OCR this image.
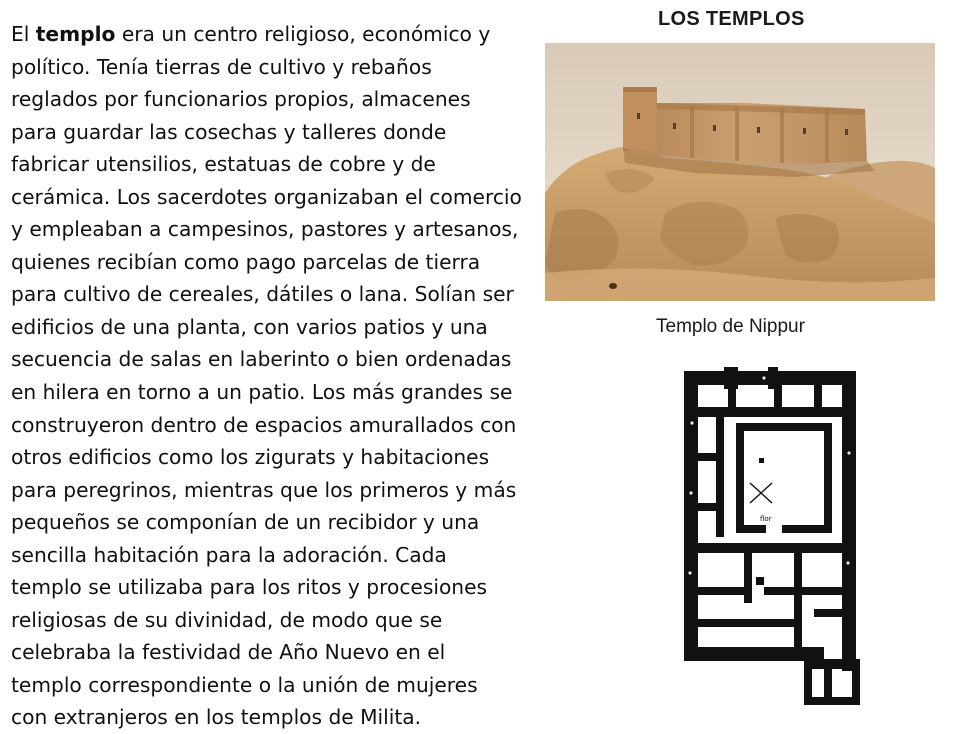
LOS TEMPLOS

El templo era un centro religioso, económico y
político. Tenía tierras de cultivo y rebaños
reglados por funcionarios propios, almacenes
para guardar las cosechas y talleres donde
fabricar utensilios, estatuas de cobre y de
cerámica. Los sacerdotes organizaban el comercio
y empleaban a campesinos, pastores y artesanos,
quienes recibían como pago parcelas de tierra
para cultivo de cereales, dátiles o lana. Solían ser
edificios de una planta, con varios patios y una
secuencia de salas en laberinto o bien ordenadas
en hilera en torno a un patio. Los más grandes se
construyeron dentro de espacios amurallados con
otros edificios como los zigurats y habitaciones
para peregrinos, mientras que los primeros y más
pequeños se componían de un recibidor y una
sencilla habitación para la adoración. Cada
templo se utilizaba para los ritos y procesiones
religiosas de su divinidad, de modo que se
celebraba la festividad de Año Nuevo en el
templo correspondiente o la unión de mujeres
con extranjeros en los templos de Milita.

Templo de Nippur
flor
